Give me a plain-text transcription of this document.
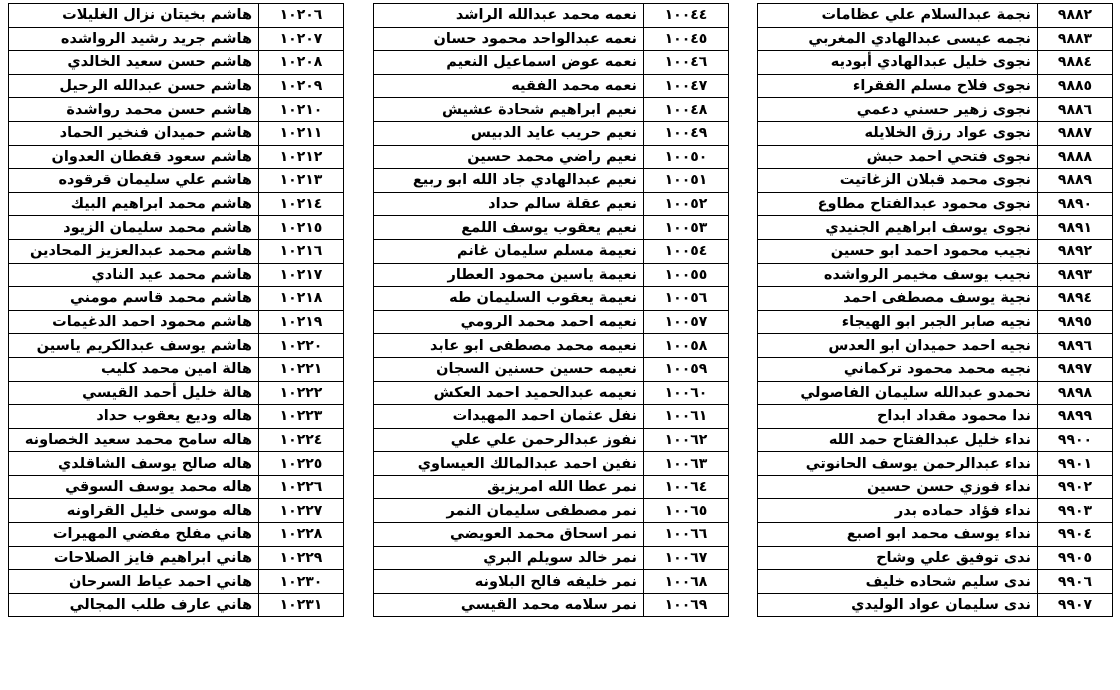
٩٨٨٢	نجمة عبدالسلام علي عظامات
٩٨٨٣	نجمه عيسى عبدالهادي المغربي
٩٨٨٤	نجوى خليل عبدالهادي أبوديه
٩٨٨٥	نجوى فلاح مسلم الفقراء
٩٨٨٦	نجوى زهير حسني دعمي
٩٨٨٧	نجوى عواد رزق الخلايله
٩٨٨٨	نجوى فتحي احمد حبش
٩٨٨٩	نجوى محمد قبلان الزغاتيت
٩٨٩٠	نجوى محمود عبدالفتاح مطاوع
٩٨٩١	نجوى يوسف ابراهيم الجنيدي
٩٨٩٢	نجيب محمود احمد ابو حسين
٩٨٩٣	نجيب يوسف مخيمر الرواشده
٩٨٩٤	نجية يوسف مصطفى احمد
٩٨٩٥	نجيه صابر الجبر ابو الهيجاء
٩٨٩٦	نجيه احمد حميدان ابو العدس
٩٨٩٧	نجيه محمد محمود تركماني
٩٨٩٨	نحمدو عبدالله سليمان الفاصولي
٩٨٩٩	ندا محمود مقداد ابداح
٩٩٠٠	نداء خليل عبدالفتاح حمد الله
٩٩٠١	نداء عبدالرحمن يوسف الحانوتي
٩٩٠٢	نداء فوزي حسن حسين
٩٩٠٣	نداء فؤاد حماده بدر
٩٩٠٤	نداء يوسف محمد ابو اصبع
٩٩٠٥	ندى توفيق علي وشاح
٩٩٠٦	ندى سليم شحاده خليف
٩٩٠٧	ندى سليمان عواد الوليدي
١٠٠٤٤	نعمه محمد عبدالله الراشد
١٠٠٤٥	نعمه عبدالواحد محمود حسان
١٠٠٤٦	نعمه عوض اسماعيل النعيم
١٠٠٤٧	نعمه محمد الفقيه
١٠٠٤٨	نعيم ابراهيم شحادة عشيش
١٠٠٤٩	نعيم حريب عايد الدبيس
١٠٠٥٠	نعيم راضي محمد حسين
١٠٠٥١	نعيم عبدالهادي جاد الله ابو ربيع
١٠٠٥٢	نعيم عقلة سالم حداد
١٠٠٥٣	نعيم يعقوب يوسف اللمع
١٠٠٥٤	نعيمة مسلم سليمان غانم
١٠٠٥٥	نعيمة ياسين محمود العطار
١٠٠٥٦	نعيمة يعقوب السليمان طه
١٠٠٥٧	نعيمه احمد محمد الرومي
١٠٠٥٨	نعيمه محمد مصطفى ابو عابد
١٠٠٥٩	نعيمه حسين حسنين السجان
١٠٠٦٠	نعيمه عبدالحميد احمد العكش
١٠٠٦١	نفل عثمان احمد المهيدات
١٠٠٦٢	نفوز عبدالرحمن علي علي
١٠٠٦٣	نفين احمد عبدالمالك العيساوي
١٠٠٦٤	نمر عطا الله امريزيق
١٠٠٦٥	نمر مصطفى سليمان النمر
١٠٠٦٦	نمر اسحاق محمد العويضي
١٠٠٦٧	نمر خالد سويلم البري
١٠٠٦٨	نمر خليفه فالح البلاونه
١٠٠٦٩	نمر سلامه محمد القيسي
١٠٢٠٦	هاشم بخيتان نزال الغليلات
١٠٢٠٧	هاشم جريد رشيد الرواشده
١٠٢٠٨	هاشم حسن سعيد الخالدي
١٠٢٠٩	هاشم حسن عبدالله الرحيل
١٠٢١٠	هاشم حسن محمد رواشدة
١٠٢١١	هاشم حميدان فنخير الحماد
١٠٢١٢	هاشم سعود قفطان العدوان
١٠٢١٣	هاشم علي سليمان قرقوده
١٠٢١٤	هاشم محمد ابراهيم البيك
١٠٢١٥	هاشم محمد سليمان الزيود
١٠٢١٦	هاشم محمد عبدالعزيز المحادين
١٠٢١٧	هاشم محمد عيد النادي
١٠٢١٨	هاشم محمد قاسم مومني
١٠٢١٩	هاشم محمود احمد الدغيمات
١٠٢٢٠	هاشم يوسف عبدالكريم ياسين
١٠٢٢١	هالة امين محمد كليب
١٠٢٢٢	هالة خليل أحمد القيسي
١٠٢٢٣	هاله وديع يعقوب حداد
١٠٢٢٤	هاله سامح محمد سعيد الخصاونه
١٠٢٢٥	هاله صالح يوسف الشاقلدي
١٠٢٢٦	هاله محمد يوسف السوقي
١٠٢٢٧	هاله موسى خليل القراونه
١٠٢٢٨	هاني مفلح مفضي المهيرات
١٠٢٢٩	هاني ابراهيم فايز الصلاحات
١٠٢٣٠	هاني احمد عياط السرحان
١٠٢٣١	هاني عارف طلب المجالي
